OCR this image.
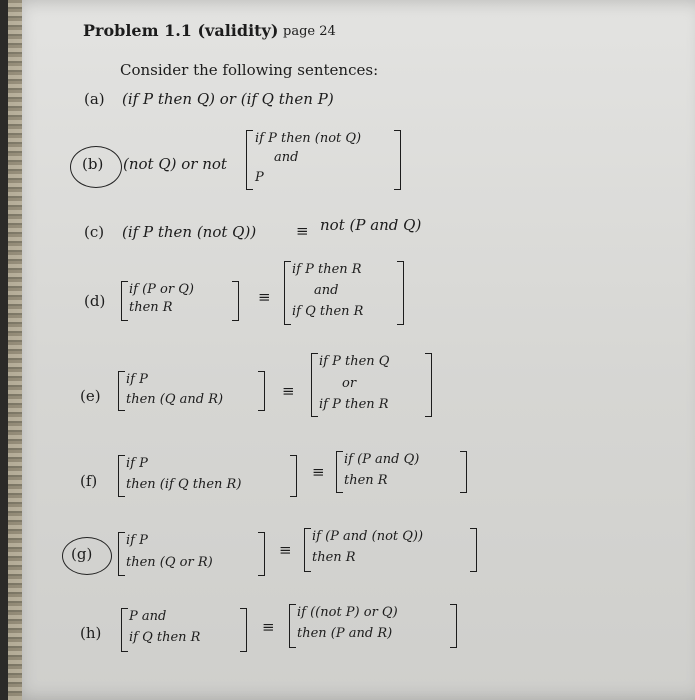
Problem 1.1 (validity) page 24
Consider the following sentences:
(a) (if P then Q) or (if Q then P)
(b) (not Q) or not
if P then (not Q)
and
P
(c) (if P then (not Q))	≡ not (P and Q)
(d)
if (P or Q)
then R
≡
if P then R
and
if Q then R
(e)
if P
then (Q and R)	≡
if P then Q
or
if P then R
(f)
if P
then (if Q then R)
≡
if (P and Q)
then R
(g)
if P
then (Q or R)
≡
if (P and (not Q))
then R
(h)
P and
if Q then R
≡
if ((not P) or Q)
then (P and R)
